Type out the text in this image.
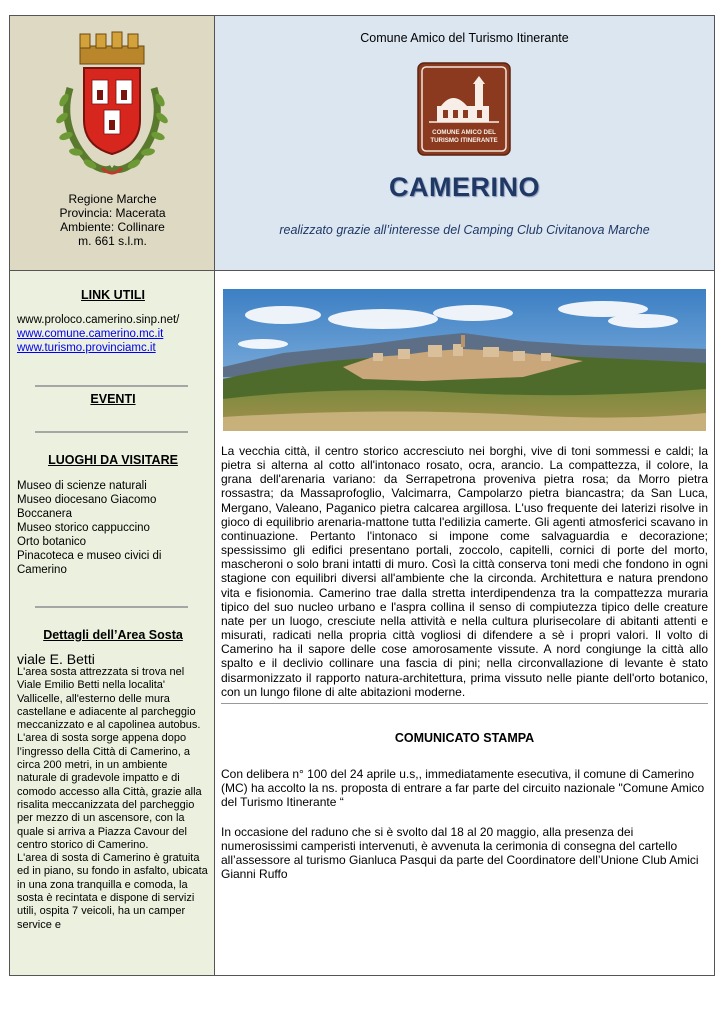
Regione Marche
Provincia: Macerata
Ambiente: Collinare
m. 661 s.l.m.
Comune Amico del Turismo Itinerante
COMUNE AMICO DEL
TURISMO ITINERANTE
CAMERINO
realizzato grazie all’interesse del Camping Club Civitanova Marche
LINK UTILI
www.proloco.camerino.sinp.net/
www.comune.camerino.mc.it
www.turismo.provinciamc.it
EVENTI
LUOGHI DA VISITARE
Museo di scienze naturali
Museo diocesano Giacomo Boccanera
Museo storico cappuccino
Orto botanico
Pinacoteca e museo civici di Camerino
Dettagli dell’Area Sosta
viale E. Betti
L'area sosta attrezzata si trova nel Viale Emilio Betti nella localita' Vallicelle, all'esterno delle mura castellane e adiacente al parcheggio meccanizzato e al capolinea autobus.
L'area di sosta sorge appena dopo l’ingresso della Città di Camerino, a circa 200 metri, in un ambiente naturale di gradevole impatto e di comodo accesso alla Città, grazie alla risalita meccanizzata del parcheggio per mezzo di un ascensore, con la quale si arriva a Piazza Cavour del centro storico di Camerino.
L'area di sosta di Camerino è gratuita ed in piano, su fondo in asfalto, ubicata in una zona tranquilla e comoda, la sosta è recintata e dispone di servizi utili, ospita 7 veicoli, ha un camper service e
La vecchia città, il centro storico accresciuto nei borghi, vive di toni sommessi e caldi; la pietra si alterna al cotto all'intonaco rosato, ocra, arancio. La compattezza, il colore, la grana dell'arenaria variano: da Serrapetrona proveniva pietra rosa; da Morro pietra rossastra; da Massaprofoglio, Valcimarra, Campolarzo pietra biancastra; da San Luca, Mergano, Valeano, Paganico pietra calcarea argillosa. L'uso frequente dei laterizi risolve in gioco di equilibrio arenaria-mattone tutta l'edilizia camerte. Gli agenti atmosferici scavano in continuazione. Pertanto l'intonaco si impone come salvaguardia e decorazione; spessissimo gli edifici presentano portali, zoccolo, capitelli, cornici di porte del morto, mascheroni o solo brani intatti di muro. Così la città conserva toni medi che fondono in ogni stagione con equilibri diversi all'ambiente che la circonda. Architettura e natura prendono vita e fisionomia. Camerino trae dalla stretta interdipendenza tra la compattezza muraria tipico del suo nucleo urbano e l'aspra collina il senso di compiutezza tipico delle creature nate per un luogo, cresciute nella attività e nella cultura plurisecolare di abitanti attenti e misurati, radicati nella propria città vogliosi di difendere a sè i propri valori. Il volto di Camerino ha il sapore delle cose amorosamente vissute. A nord congiunge la città allo spalto e il declivio collinare una fascia di pini; nella circonvallazione di levante è stato disarmonizzato il rapporto natura-architettura, prima vissuto nelle piante dell'orto botanico, con un lungo filone di alte abitazioni moderne.
COMUNICATO STAMPA
Con delibera n° 100 del 24 aprile u.s,, immediatamente esecutiva, il comune di Camerino (MC) ha accolto la ns. proposta di entrare a far parte del circuito nazionale "Comune Amico del Turismo Itinerante “
In occasione del raduno che si è svolto dal 18 al 20 maggio, alla presenza dei numerosissimi camperisti intervenuti, è avvenuta la cerimonia di consegna del cartello all’assessore al turismo Gianluca Pasqui da parte del Coordinatore dell’Unione Club Amici Gianni Ruffo
